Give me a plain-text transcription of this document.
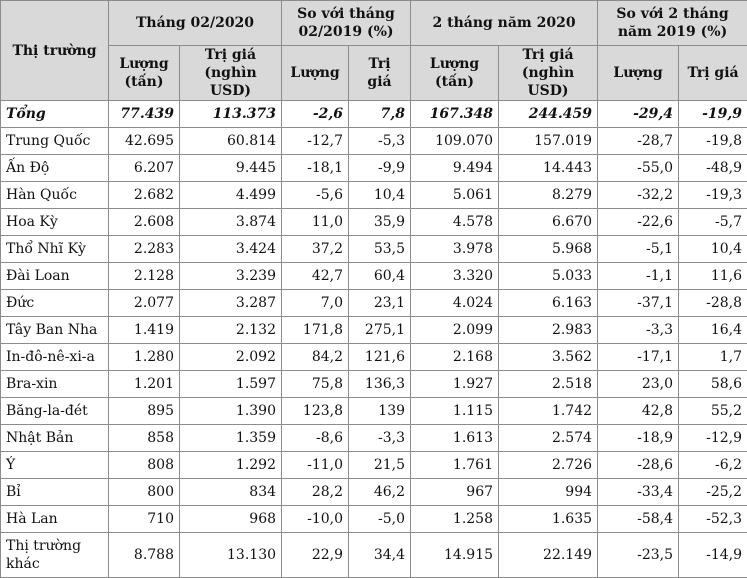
Thị trường	Tháng 02/2020		So với tháng 02/2019 (%)		2 tháng năm 2020		So với 2 tháng năm 2019 (%)	
	Lượng (tấn)	Trị giá (nghìn USD)	Lượng	Trị giá	Lượng (tấn)	Trị giá (nghìn USD)	Lượng	Trị giá
Tổng	77.439	113.373	-2,6	7,8	167.348	244.459	-29,4	-19,9
Trung Quốc	42.695	60.814	-12,7	-5,3	109.070	157.019	-28,7	-19,8
Ấn Độ	6.207	9.445	-18,1	-9,9	9.494	14.443	-55,0	-48,9
Hàn Quốc	2.682	4.499	-5,6	10,4	5.061	8.279	-32,2	-19,3
Hoa Kỳ	2.608	3.874	11,0	35,9	4.578	6.670	-22,6	-5,7
Thổ Nhĩ Kỳ	2.283	3.424	37,2	53,5	3.978	5.968	-5,1	10,4
Đài Loan	2.128	3.239	42,7	60,4	3.320	5.033	-1,1	11,6
Đức	2.077	3.287	7,0	23,1	4.024	6.163	-37,1	-28,8
Tây Ban Nha	1.419	2.132	171,8	275,1	2.099	2.983	-3,3	16,4
In-đô-nê-xi-a	1.280	2.092	84,2	121,6	2.168	3.562	-17,1	1,7
Bra-xin	1.201	1.597	75,8	136,3	1.927	2.518	23,0	58,6
Băng-la-đét	895	1.390	123,8	139	1.115	1.742	42,8	55,2
Nhật Bản	858	1.359	-8,6	-3,3	1.613	2.574	-18,9	-12,9
Ý	808	1.292	-11,0	21,5	1.761	2.726	-28,6	-6,2
Bỉ	800	834	28,2	46,2	967	994	-33,4	-25,2
Hà Lan	710	968	-10,0	-5,0	1.258	1.635	-58,4	-52,3
Thị trường khác	8.788	13.130	22,9	34,4	14.915	22.149	-23,5	-14,9
